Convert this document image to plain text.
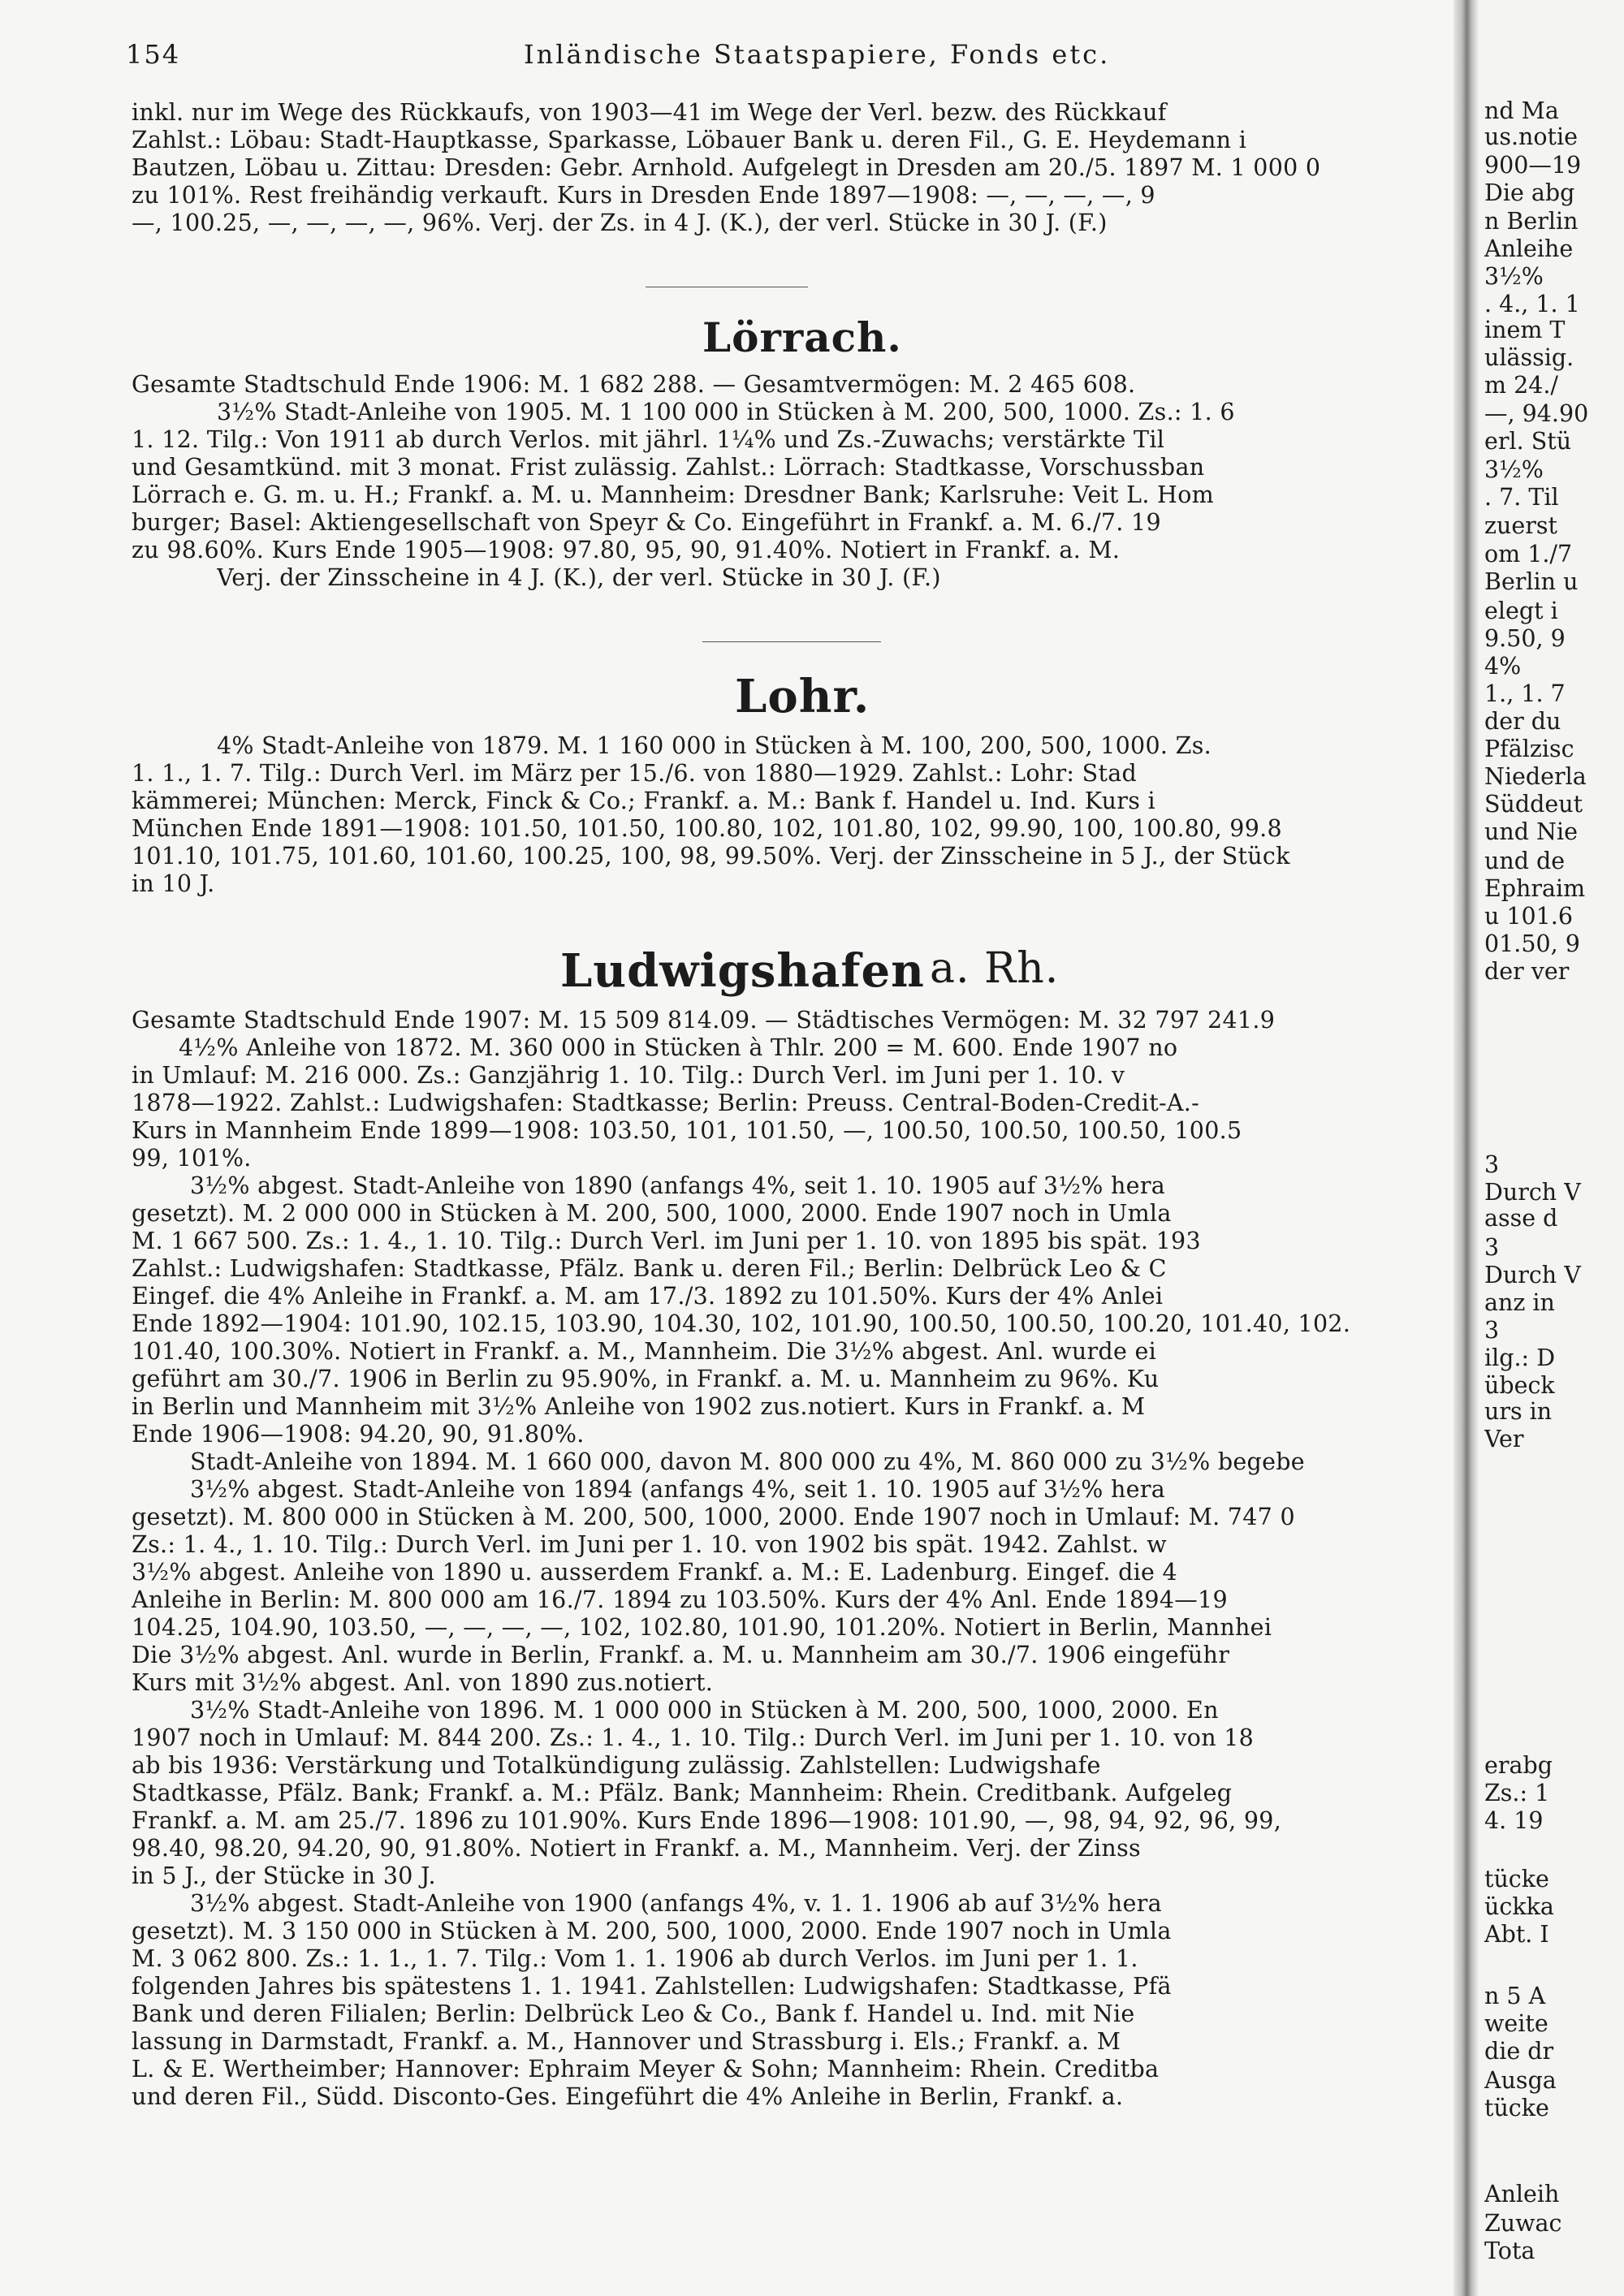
154	Inländische Staatspapiere, Fonds etc.
inkl. nur im Wege des Rückkaufs, von 1903—41 im Wege der Verl. bezw. des Rückkauf
Zahlst.: Löbau: Stadt-Hauptkasse, Sparkasse, Löbauer Bank u. deren Fil., G. E. Heydemann i
Bautzen, Löbau u. Zittau: Dresden: Gebr. Arnhold. Aufgelegt in Dresden am 20./5. 1897 M. 1 000 0
zu 101%. Rest freihändig verkauft. Kurs in Dresden Ende 1897—1908: —, —, —, —, 9
—, 100.25, —, —, —, —, 96%. Verj. der Zs. in 4 J. (K.), der verl. Stücke in 30 J. (F.)
Lörrach.
Gesamte Stadtschuld Ende 1906: M. 1 682 288. — Gesamtvermögen: M. 2 465 608.
3½% Stadt-Anleihe von 1905. M. 1 100 000 in Stücken à M. 200, 500, 1000. Zs.: 1. 6
1. 12. Tilg.: Von 1911 ab durch Verlos. mit jährl. 1¼% und Zs.-Zuwachs; verstärkte Til
und Gesamtkünd. mit 3 monat. Frist zulässig. Zahlst.: Lörrach: Stadtkasse, Vorschussban
Lörrach e. G. m. u. H.; Frankf. a. M. u. Mannheim: Dresdner Bank; Karlsruhe: Veit L. Hom
burger; Basel: Aktiengesellschaft von Speyr & Co. Eingeführt in Frankf. a. M. 6./7. 19
zu 98.60%. Kurs Ende 1905—1908: 97.80, 95, 90, 91.40%. Notiert in Frankf. a. M.
Verj. der Zinsscheine in 4 J. (K.), der verl. Stücke in 30 J. (F.)
Lohr.
4% Stadt-Anleihe von 1879. M. 1 160 000 in Stücken à M. 100, 200, 500, 1000. Zs.
1. 1., 1. 7. Tilg.: Durch Verl. im März per 15./6. von 1880—1929. Zahlst.: Lohr: Stad
kämmerei; München: Merck, Finck & Co.; Frankf. a. M.: Bank f. Handel u. Ind. Kurs i
München Ende 1891—1908: 101.50, 101.50, 100.80, 102, 101.80, 102, 99.90, 100, 100.80, 99.8
101.10, 101.75, 101.60, 101.60, 100.25, 100, 98, 99.50%. Verj. der Zinsscheine in 5 J., der Stück
in 10 J.
Ludwigshafen a. Rh.
Gesamte Stadtschuld Ende 1907: M. 15 509 814.09. — Städtisches Vermögen: M. 32 797 241.9
4½% Anleihe von 1872. M. 360 000 in Stücken à Thlr. 200 = M. 600. Ende 1907 no
in Umlauf: M. 216 000. Zs.: Ganzjährig 1. 10. Tilg.: Durch Verl. im Juni per 1. 10. v
1878—1922. Zahlst.: Ludwigshafen: Stadtkasse; Berlin: Preuss. Central-Boden-Credit-A.-
Kurs in Mannheim Ende 1899—1908: 103.50, 101, 101.50, —, 100.50, 100.50, 100.50, 100.5
99, 101%.
3½% abgest. Stadt-Anleihe von 1890 (anfangs 4%, seit 1. 10. 1905 auf 3½% hera
gesetzt). M. 2 000 000 in Stücken à M. 200, 500, 1000, 2000. Ende 1907 noch in Umla
M. 1 667 500. Zs.: 1. 4., 1. 10. Tilg.: Durch Verl. im Juni per 1. 10. von 1895 bis spät. 193
Zahlst.: Ludwigshafen: Stadtkasse, Pfälz. Bank u. deren Fil.; Berlin: Delbrück Leo & C
Eingef. die 4% Anleihe in Frankf. a. M. am 17./3. 1892 zu 101.50%. Kurs der 4% Anlei
Ende 1892—1904: 101.90, 102.15, 103.90, 104.30, 102, 101.90, 100.50, 100.50, 100.20, 101.40, 102.
101.40, 100.30%. Notiert in Frankf. a. M., Mannheim. Die 3½% abgest. Anl. wurde ei
geführt am 30./7. 1906 in Berlin zu 95.90%, in Frankf. a. M. u. Mannheim zu 96%. Ku
in Berlin und Mannheim mit 3½% Anleihe von 1902 zus.notiert. Kurs in Frankf. a. M
Ende 1906—1908: 94.20, 90, 91.80%.
Stadt-Anleihe von 1894. M. 1 660 000, davon M. 800 000 zu 4%, M. 860 000 zu 3½% begebe
3½% abgest. Stadt-Anleihe von 1894 (anfangs 4%, seit 1. 10. 1905 auf 3½% hera
gesetzt). M. 800 000 in Stücken à M. 200, 500, 1000, 2000. Ende 1907 noch in Umlauf: M. 747 0
Zs.: 1. 4., 1. 10. Tilg.: Durch Verl. im Juni per 1. 10. von 1902 bis spät. 1942. Zahlst. w
3½% abgest. Anleihe von 1890 u. ausserdem Frankf. a. M.: E. Ladenburg. Eingef. die 4
Anleihe in Berlin: M. 800 000 am 16./7. 1894 zu 103.50%. Kurs der 4% Anl. Ende 1894—19
104.25, 104.90, 103.50, —, —, —, —, 102, 102.80, 101.90, 101.20%. Notiert in Berlin, Mannhei
Die 3½% abgest. Anl. wurde in Berlin, Frankf. a. M. u. Mannheim am 30./7. 1906 eingeführ
Kurs mit 3½% abgest. Anl. von 1890 zus.notiert.
3½% Stadt-Anleihe von 1896. M. 1 000 000 in Stücken à M. 200, 500, 1000, 2000. En
1907 noch in Umlauf: M. 844 200. Zs.: 1. 4., 1. 10. Tilg.: Durch Verl. im Juni per 1. 10. von 18
ab bis 1936: Verstärkung und Totalkündigung zulässig. Zahlstellen: Ludwigshafe
Stadtkasse, Pfälz. Bank; Frankf. a. M.: Pfälz. Bank; Mannheim: Rhein. Creditbank. Aufgeleg
Frankf. a. M. am 25./7. 1896 zu 101.90%. Kurs Ende 1896—1908: 101.90, —, 98, 94, 92, 96, 99,
98.40, 98.20, 94.20, 90, 91.80%. Notiert in Frankf. a. M., Mannheim. Verj. der Zinss
in 5 J., der Stücke in 30 J.
3½% abgest. Stadt-Anleihe von 1900 (anfangs 4%, v. 1. 1. 1906 ab auf 3½% hera
gesetzt). M. 3 150 000 in Stücken à M. 200, 500, 1000, 2000. Ende 1907 noch in Umla
M. 3 062 800. Zs.: 1. 1., 1. 7. Tilg.: Vom 1. 1. 1906 ab durch Verlos. im Juni per 1. 1.
folgenden Jahres bis spätestens 1. 1. 1941. Zahlstellen: Ludwigshafen: Stadtkasse, Pfä
Bank und deren Filialen; Berlin: Delbrück Leo & Co., Bank f. Handel u. Ind. mit Nie
lassung in Darmstadt, Frankf. a. M., Hannover und Strassburg i. Els.; Frankf. a. M
L. & E. Wertheimber; Hannover: Ephraim Meyer & Sohn; Mannheim: Rhein. Creditba
und deren Fil., Südd. Disconto-Ges. Eingeführt die 4% Anleihe in Berlin, Frankf. a.
nd Ma
us.notie
900—19
Die abg
n Berlin
Anleihe
3½%
. 4., 1. 1
inem T
ulässig.
m 24./
—, 94.90
erl. Stü
3½%
. 7. Til
zuerst
om 1./7
Berlin u
elegt i
9.50, 9
4%
1., 1. 7
der du
Pfälzisc
Niederla
Süddeut
und Nie
und de
Ephraim
u 101.6
01.50, 9
der ver
3
Durch V
asse d
3
Durch V
anz in
3
ilg.: D
übeck
urs in
Ver
erabg
Zs.: 1
4. 19
tücke
ückka
Abt. I
n 5 A
weite
die dr
Ausga
tücke
Anleih
Zuwac
Tota
